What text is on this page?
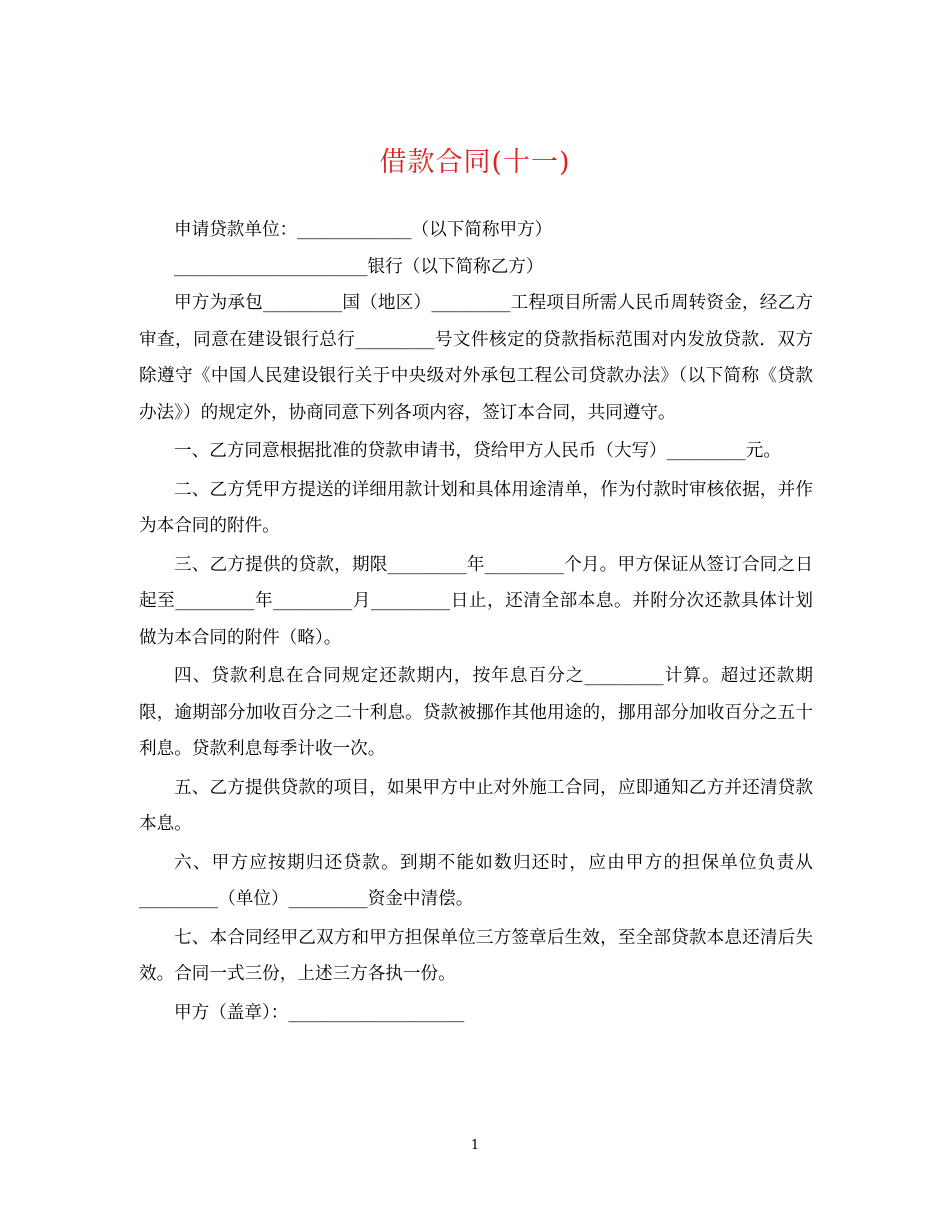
借款合同(十一)

申请贷款单位：_____________（以下简称甲方）

______________________银行（以下简称乙方）

甲方为承包_________国（地区）_________工程项目所需人民币周转资金，经乙方审查，同意在建设银行总行_________号文件核定的贷款指标范围对内发放贷款．双方除遵守《中国人民建设银行关于中央级对外承包工程公司贷款办法》（以下简称《贷款办法》）的规定外，协商同意下列各项内容，签订本合同，共同遵守。

一、乙方同意根据批准的贷款申请书，贷给甲方人民币（大写）_________元。

二、乙方凭甲方提送的详细用款计划和具体用途清单，作为付款时审核依据，并作为本合同的附件。

三、乙方提供的贷款，期限_________年_________个月。甲方保证从签订合同之日起至_________年_________月_________日止，还清全部本息。并附分次还款具体计划做为本合同的附件（略）。

四、贷款利息在合同规定还款期内，按年息百分之_________计算。超过还款期限，逾期部分加收百分之二十利息。贷款被挪作其他用途的，挪用部分加收百分之五十利息。贷款利息每季计收一次。

五、乙方提供贷款的项目，如果甲方中止对外施工合同，应即通知乙方并还清贷款本息。

六、甲方应按期归还贷款。到期不能如数归还时，应由甲方的担保单位负责从_________（单位）_________资金中清偿。

七、本合同经甲乙双方和甲方担保单位三方签章后生效，至全部贷款本息还清后失效。合同一式三份，上述三方各执一份。

甲方（盖章）：____________________

1
